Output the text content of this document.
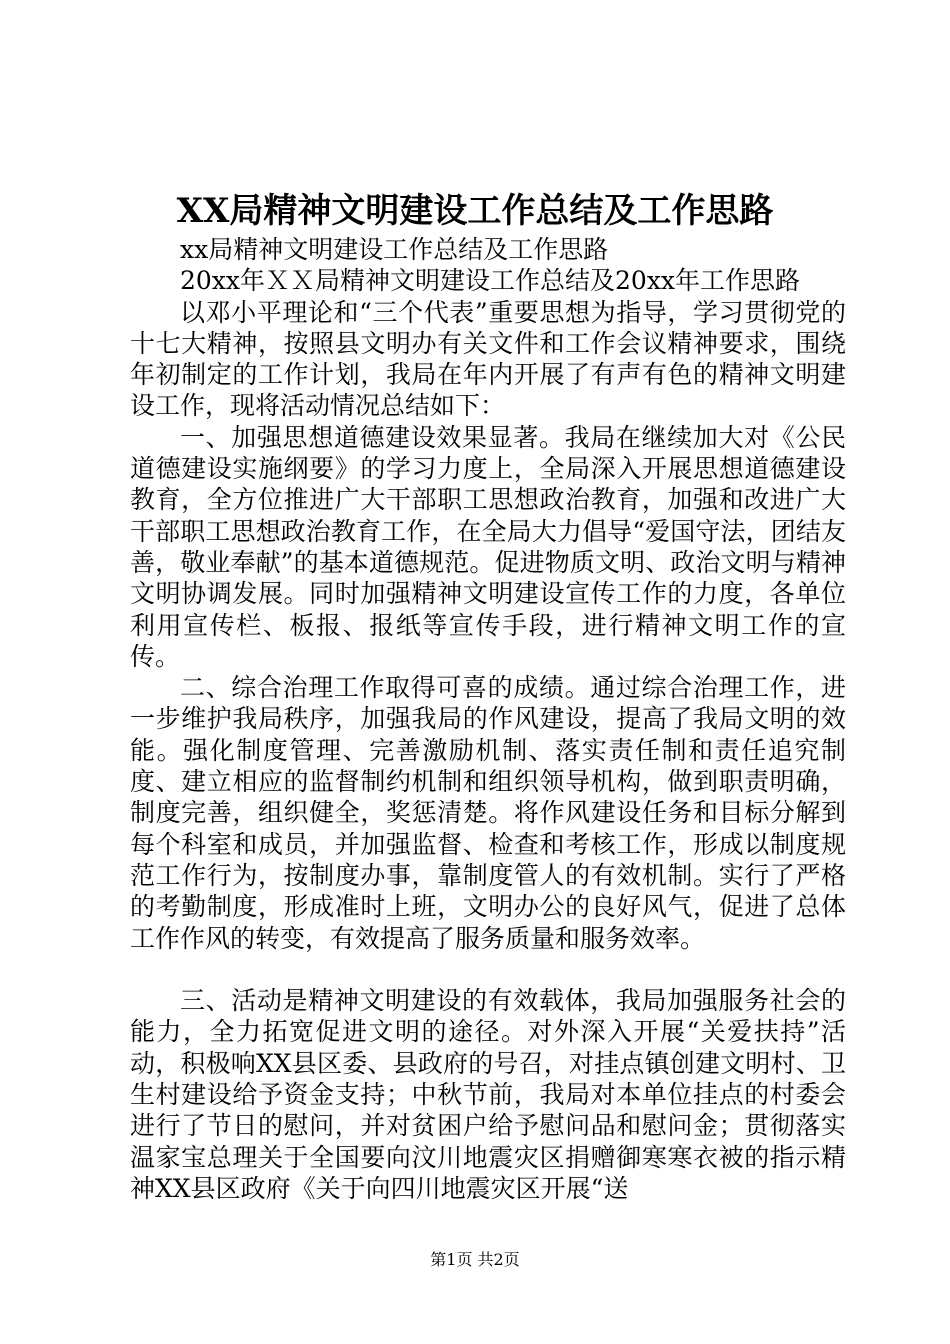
XX局精神文明建设工作总结及工作思路

xx局精神文明建设工作总结及工作思路

20xx年ＸＸ局精神文明建设工作总结及20xx年工作思路

以邓小平理论和“三个代表”重要思想为指导，学习贯彻党的十七大精神，按照县文明办有关文件和工作会议精神要求，围绕年初制定的工作计划，我局在年内开展了有声有色的精神文明建设工作，现将活动情况总结如下：

一、加强思想道德建设效果显著。我局在继续加大对《公民道德建设实施纲要》的学习力度上，全局深入开展思想道德建设教育，全方位推进广大干部职工思想政治教育，加强和改进广大干部职工思想政治教育工作，在全局大力倡导“爱国守法，团结友善，敬业奉献”的基本道德规范。促进物质文明、政治文明与精神文明协调发展。同时加强精神文明建设宣传工作的力度，各单位利用宣传栏、板报、报纸等宣传手段，进行精神文明工作的宣传。

二、综合治理工作取得可喜的成绩。通过综合治理工作，进一步维护我局秩序，加强我局的作风建设，提高了我局文明的效能。强化制度管理、完善激励机制、落实责任制和责任追究制度、建立相应的监督制约机制和组织领导机构，做到职责明确，制度完善，组织健全，奖惩清楚。将作风建设任务和目标分解到每个科室和成员，并加强监督、检查和考核工作，形成以制度规范工作行为，按制度办事，靠制度管人的有效机制。实行了严格的考勤制度，形成准时上班，文明办公的良好风气，促进了总体工作作风的转变，有效提高了服务质量和服务效率。

三、活动是精神文明建设的有效载体，我局加强服务社会的能力，全力拓宽促进文明的途径。对外深入开展“关爱扶持”活动，积极响XX县区委、县政府的号召，对挂点镇创建文明村、卫生村建设给予资金支持；中秋节前，我局对本单位挂点的村委会进行了节日的慰问，并对贫困户给予慰问品和慰问金；贯彻落实温家宝总理关于全国要向汶川地震灾区捐赠御寒寒衣被的指示精神XX县区政府《关于向四川地震灾区开展“送

第1页 共2页
